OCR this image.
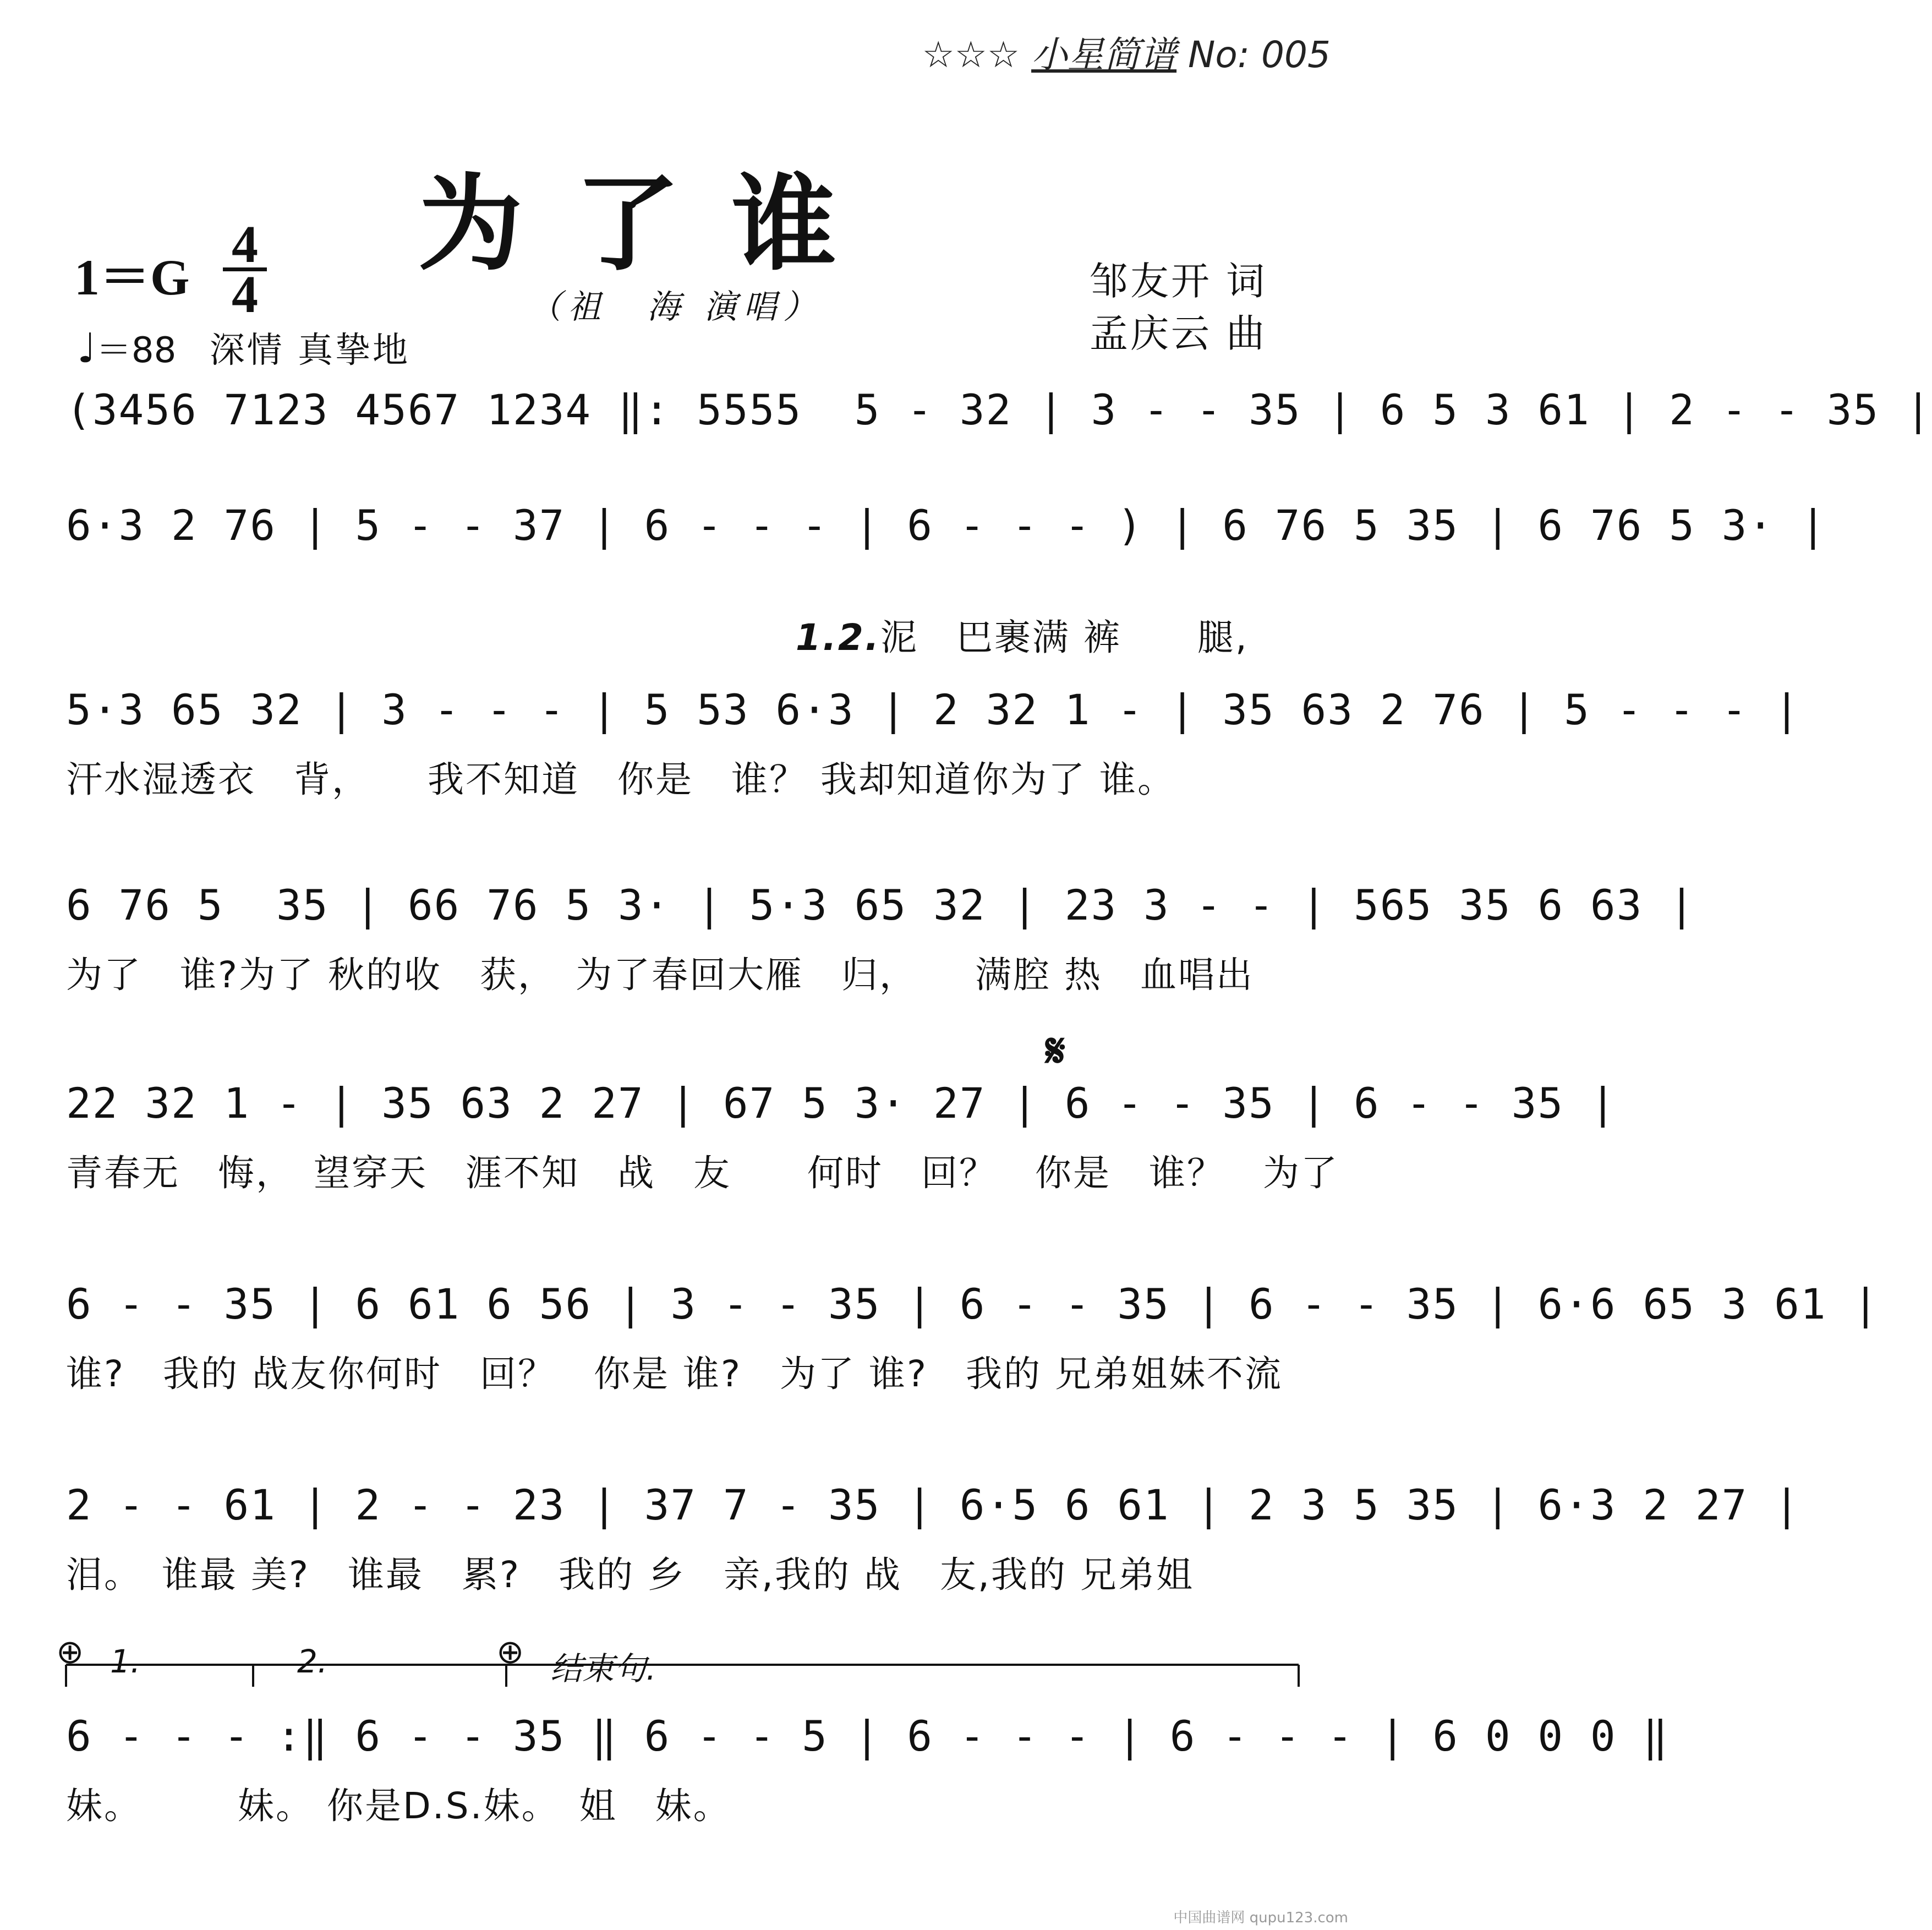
☆☆☆ 小星简谱 No: 005
为了谁
（祖　海 演唱）
$1=G \frac{4}{4}$
♩＝88 深情 真挚地
邹友开 词
孟庆云 曲
(3456 7123 4567 1234 ‖: 5555  5 - 32 | 3 - - 35 | 6 5 3 61 | 2 - - 35 |
6·3 2 76 | 5 - - 37 | 6 - - - | 6 - - - ) | 6 76 5 35 | 6 76 5 3· |

1.2.泥　巴裹满 裤　　腿,

5·3 65 32 | 3 - - - | 5 53 6·3 | 2 32 1 - | 35 63 2 76 | 5 - - - |
汗水湿透衣　背，　　我不知道　你是　谁？ 我却知道你为了 谁。
6 76 5  35 | 66 76 5 3· | 5·3 65 32 | 23 3 - - | 565 35 6 63 |
为了　谁?为了 秋的收　获，　为了春回大雁　归，　　满腔 热　血唱出
𝄋
22 32 1 - | 35 63 2 27 | 67 5 3· 27 | 6 - - 35 | 6 - - 35 |
青春无　悔，　望穿天　涯不知　战　友　　何时　回？　你是　谁？　为了
6 - - 35 | 6 61 6 56 | 3 - - 35 | 6 - - 35 | 6 - - 35 | 6·6 65 3 61 |
谁?　我的 战友你何时　回？　你是 谁?　为了 谁?　我的 兄弟姐妹不流
2 - - 61 | 2 - - 23 | 37 7 - 35 | 6·5 6 61 | 2 3 5 35 | 6·3 2 27 |
泪。　谁最 美?　谁最　累?　我的 乡　亲,我的 战　友,我的 兄弟姐
⊕	⊕
1.	2.	结束句.
6 - - - :‖ 6 - - 35 ‖ 6 - - 5 | 6 - - - | 6 - - - | 6 0 0 0 ‖
妹。　　　妹。 你是D.S.妹。　姐　妹。
中国曲谱网 qupu123.com
